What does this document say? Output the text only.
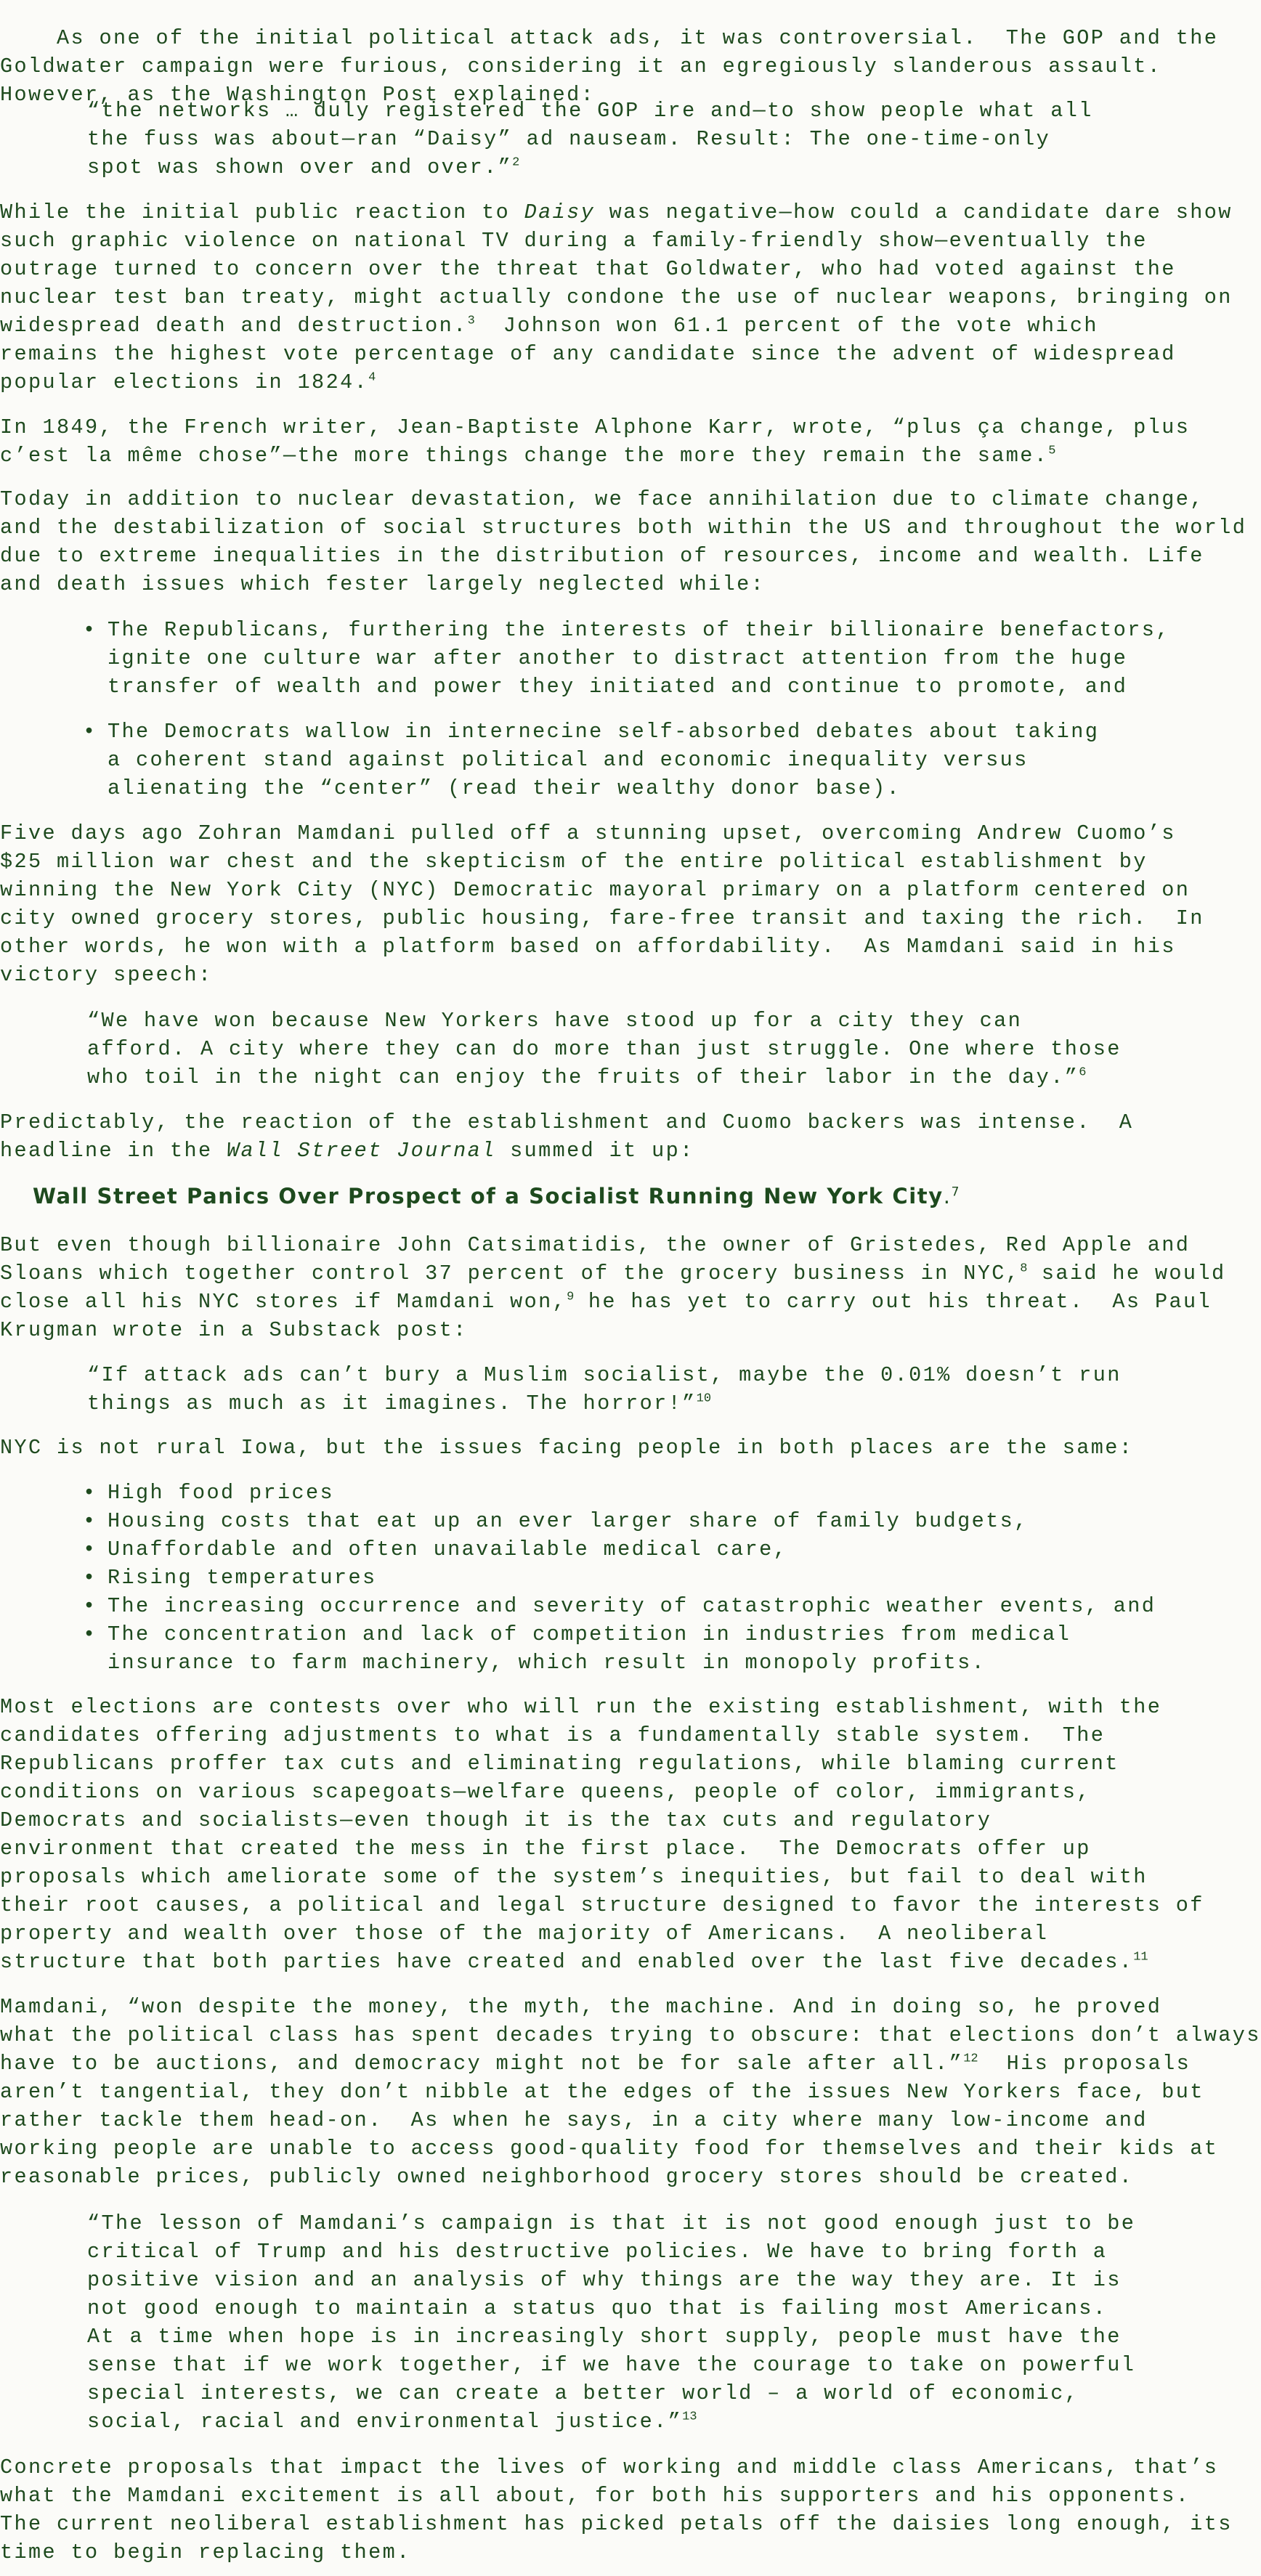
As one of the initial political attack ads, it was controversial.  The GOP and the
Goldwater campaign were furious, considering it an egregiously slanderous assault.
However, as the Washington Post explained:
“the networks … duly registered the GOP ire and—to show people what all
the fuss was about—ran “Daisy” ad nauseam. Result: The one-time-only
spot was shown over and over.”$^2$
While the initial public reaction to Daisy was negative—how could a candidate dare show
such graphic violence on national TV during a family-friendly show—eventually the
outrage turned to concern over the threat that Goldwater, who had voted against the
nuclear test ban treaty, might actually condone the use of nuclear weapons, bringing on
widespread death and destruction.$^3$  Johnson won 61.1 percent of the vote which
remains the highest vote percentage of any candidate since the advent of widespread
popular elections in 1824.$^4$
In 1849, the French writer, Jean-Baptiste Alphone Karr, wrote, “plus ça change, plus
c’est la même chose”—the more things change the more they remain the same.$^5$
Today in addition to nuclear devastation, we face annihilation due to climate change,
and the destabilization of social structures both within the US and throughout the world
due to extreme inequalities in the distribution of resources, income and wealth. Life
and death issues which fester largely neglected while:
• The Republicans, furthering the interests of their billionaire benefactors,
ignite one culture war after another to distract attention from the huge
transfer of wealth and power they initiated and continue to promote, and
• The Democrats wallow in internecine self-absorbed debates about taking
a coherent stand against political and economic inequality versus
alienating the “center” (read their wealthy donor base).
Five days ago Zohran Mamdani pulled off a stunning upset, overcoming Andrew Cuomo’s
$25 million war chest and the skepticism of the entire political establishment by
winning the New York City (NYC) Democratic mayoral primary on a platform centered on
city owned grocery stores, public housing, fare-free transit and taxing the rich.  In
other words, he won with a platform based on affordability.  As Mamdani said in his
victory speech:
“We have won because New Yorkers have stood up for a city they can
afford. A city where they can do more than just struggle. One where those
who toil in the night can enjoy the fruits of their labor in the day.”$^6$
Predictably, the reaction of the establishment and Cuomo backers was intense.  A
headline in the Wall Street Journal summed it up:
Wall Street Panics Over Prospect of a Socialist Running New York City.$^7$
But even though billionaire John Catsimatidis, the owner of Gristedes, Red Apple and
Sloans which together control 37 percent of the grocery business in NYC,$^8$ said he would
close all his NYC stores if Mamdani won,$^9$ he has yet to carry out his threat.  As Paul
Krugman wrote in a Substack post:
“If attack ads can’t bury a Muslim socialist, maybe the 0.01% doesn’t run
things as much as it imagines. The horror!”$^{10}$
NYC is not rural Iowa, but the issues facing people in both places are the same:
• High food prices
• Housing costs that eat up an ever larger share of family budgets,
• Unaffordable and often unavailable medical care,
• Rising temperatures
• The increasing occurrence and severity of catastrophic weather events, and
• The concentration and lack of competition in industries from medical
insurance to farm machinery, which result in monopoly profits.
Most elections are contests over who will run the existing establishment, with the
candidates offering adjustments to what is a fundamentally stable system.  The
Republicans proffer tax cuts and eliminating regulations, while blaming current
conditions on various scapegoats—welfare queens, people of color, immigrants,
Democrats and socialists—even though it is the tax cuts and regulatory
environment that created the mess in the first place.  The Democrats offer up
proposals which ameliorate some of the system’s inequities, but fail to deal with
their root causes, a political and legal structure designed to favor the interests of
property and wealth over those of the majority of Americans.  A neoliberal
structure that both parties have created and enabled over the last five decades.$^{11}$
Mamdani, “won despite the money, the myth, the machine. And in doing so, he proved
what the political class has spent decades trying to obscure: that elections don’t always
have to be auctions, and democracy might not be for sale after all.”$^{12}$  His proposals
aren’t tangential, they don’t nibble at the edges of the issues New Yorkers face, but
rather tackle them head-on.  As when he says, in a city where many low-income and
working people are unable to access good-quality food for themselves and their kids at
reasonable prices, publicly owned neighborhood grocery stores should be created.
“The lesson of Mamdani’s campaign is that it is not good enough just to be
critical of Trump and his destructive policies. We have to bring forth a
positive vision and an analysis of why things are the way they are. It is
not good enough to maintain a status quo that is failing most Americans.
At a time when hope is in increasingly short supply, people must have the
sense that if we work together, if we have the courage to take on powerful
special interests, we can create a better world – a world of economic,
social, racial and environmental justice.”$^{13}$
Concrete proposals that impact the lives of working and middle class Americans, that’s
what the Mamdani excitement is all about, for both his supporters and his opponents.
The current neoliberal establishment has picked petals off the daisies long enough, its
time to begin replacing them.
